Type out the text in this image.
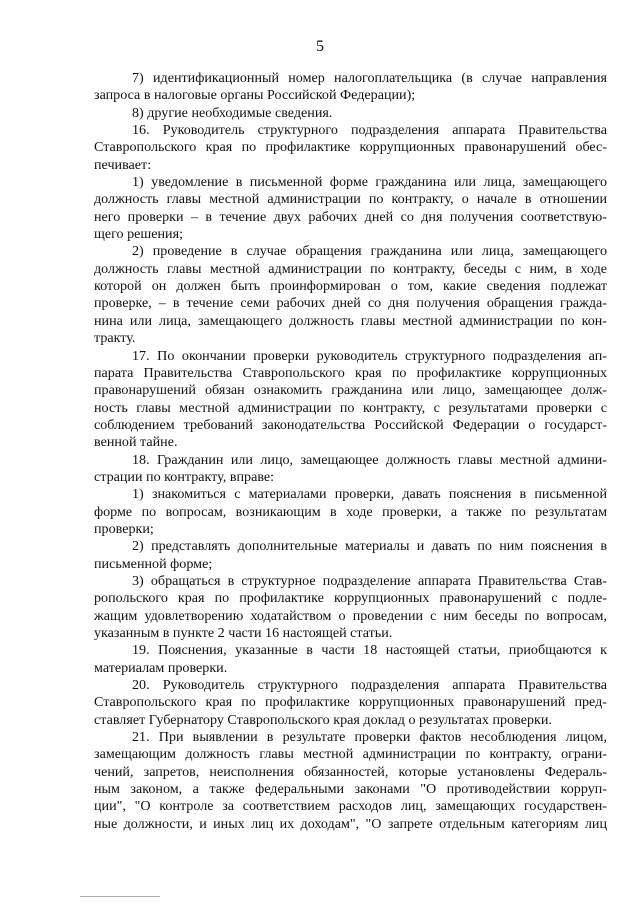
5
7) идентификационный номер налогоплательщика (в случае направления
запроса в налоговые органы Российской Федерации);
8) другие необходимые сведения.
16. Руководитель структурного подразделения аппарата Правительства
Ставропольского края по профилактике коррупционных правонарушений обес-
печивает:
1) уведомление в письменной форме гражданина или лица, замещающего
должность главы местной администрации по контракту, о начале в отношении
него проверки – в течение двух рабочих дней со дня получения соответствую-
щего решения;
2) проведение в случае обращения гражданина или лица, замещающего
должность главы местной администрации по контракту, беседы с ним, в ходе
которой он должен быть проинформирован о том, какие сведения подлежат
проверке, – в течение семи рабочих дней со дня получения обращения гражда-
нина или лица, замещающего должность главы местной администрации по кон-
тракту.
17. По окончании проверки руководитель структурного подразделения ап-
парата Правительства Ставропольского края по профилактике коррупционных
правонарушений обязан ознакомить гражданина или лицо, замещающее долж-
ность главы местной администрации по контракту, с результатами проверки с
соблюдением требований законодательства Российской Федерации о государст-
венной тайне.
18. Гражданин или лицо, замещающее должность главы местной админи-
страции по контракту, вправе:
1) знакомиться с материалами проверки, давать пояснения в письменной
форме по вопросам, возникающим в ходе проверки, а также по результатам
проверки;
2) представлять дополнительные материалы и давать по ним пояснения в
письменной форме;
3) обращаться в структурное подразделение аппарата Правительства Став-
ропольского края по профилактике коррупционных правонарушений с подле-
жащим удовлетворению ходатайством о проведении с ним беседы по вопросам,
указанным в пункте 2 части 16 настоящей статьи.
19. Пояснения, указанные в части 18 настоящей статьи, приобщаются к
материалам проверки.
20. Руководитель структурного подразделения аппарата Правительства
Ставропольского края по профилактике коррупционных правонарушений пред-
ставляет Губернатору Ставропольского края доклад о результатах проверки.
21. При выявлении в результате проверки фактов несоблюдения лицом,
замещающим должность главы местной администрации по контракту, ограни-
чений, запретов, неисполнения обязанностей, которые установлены Федераль-
ным законом, а также федеральными законами "О противодействии корруп-
ции", "О контроле за соответствием расходов лиц, замещающих государствен-
ные должности, и иных лиц их доходам", "О запрете отдельным категориям лиц
